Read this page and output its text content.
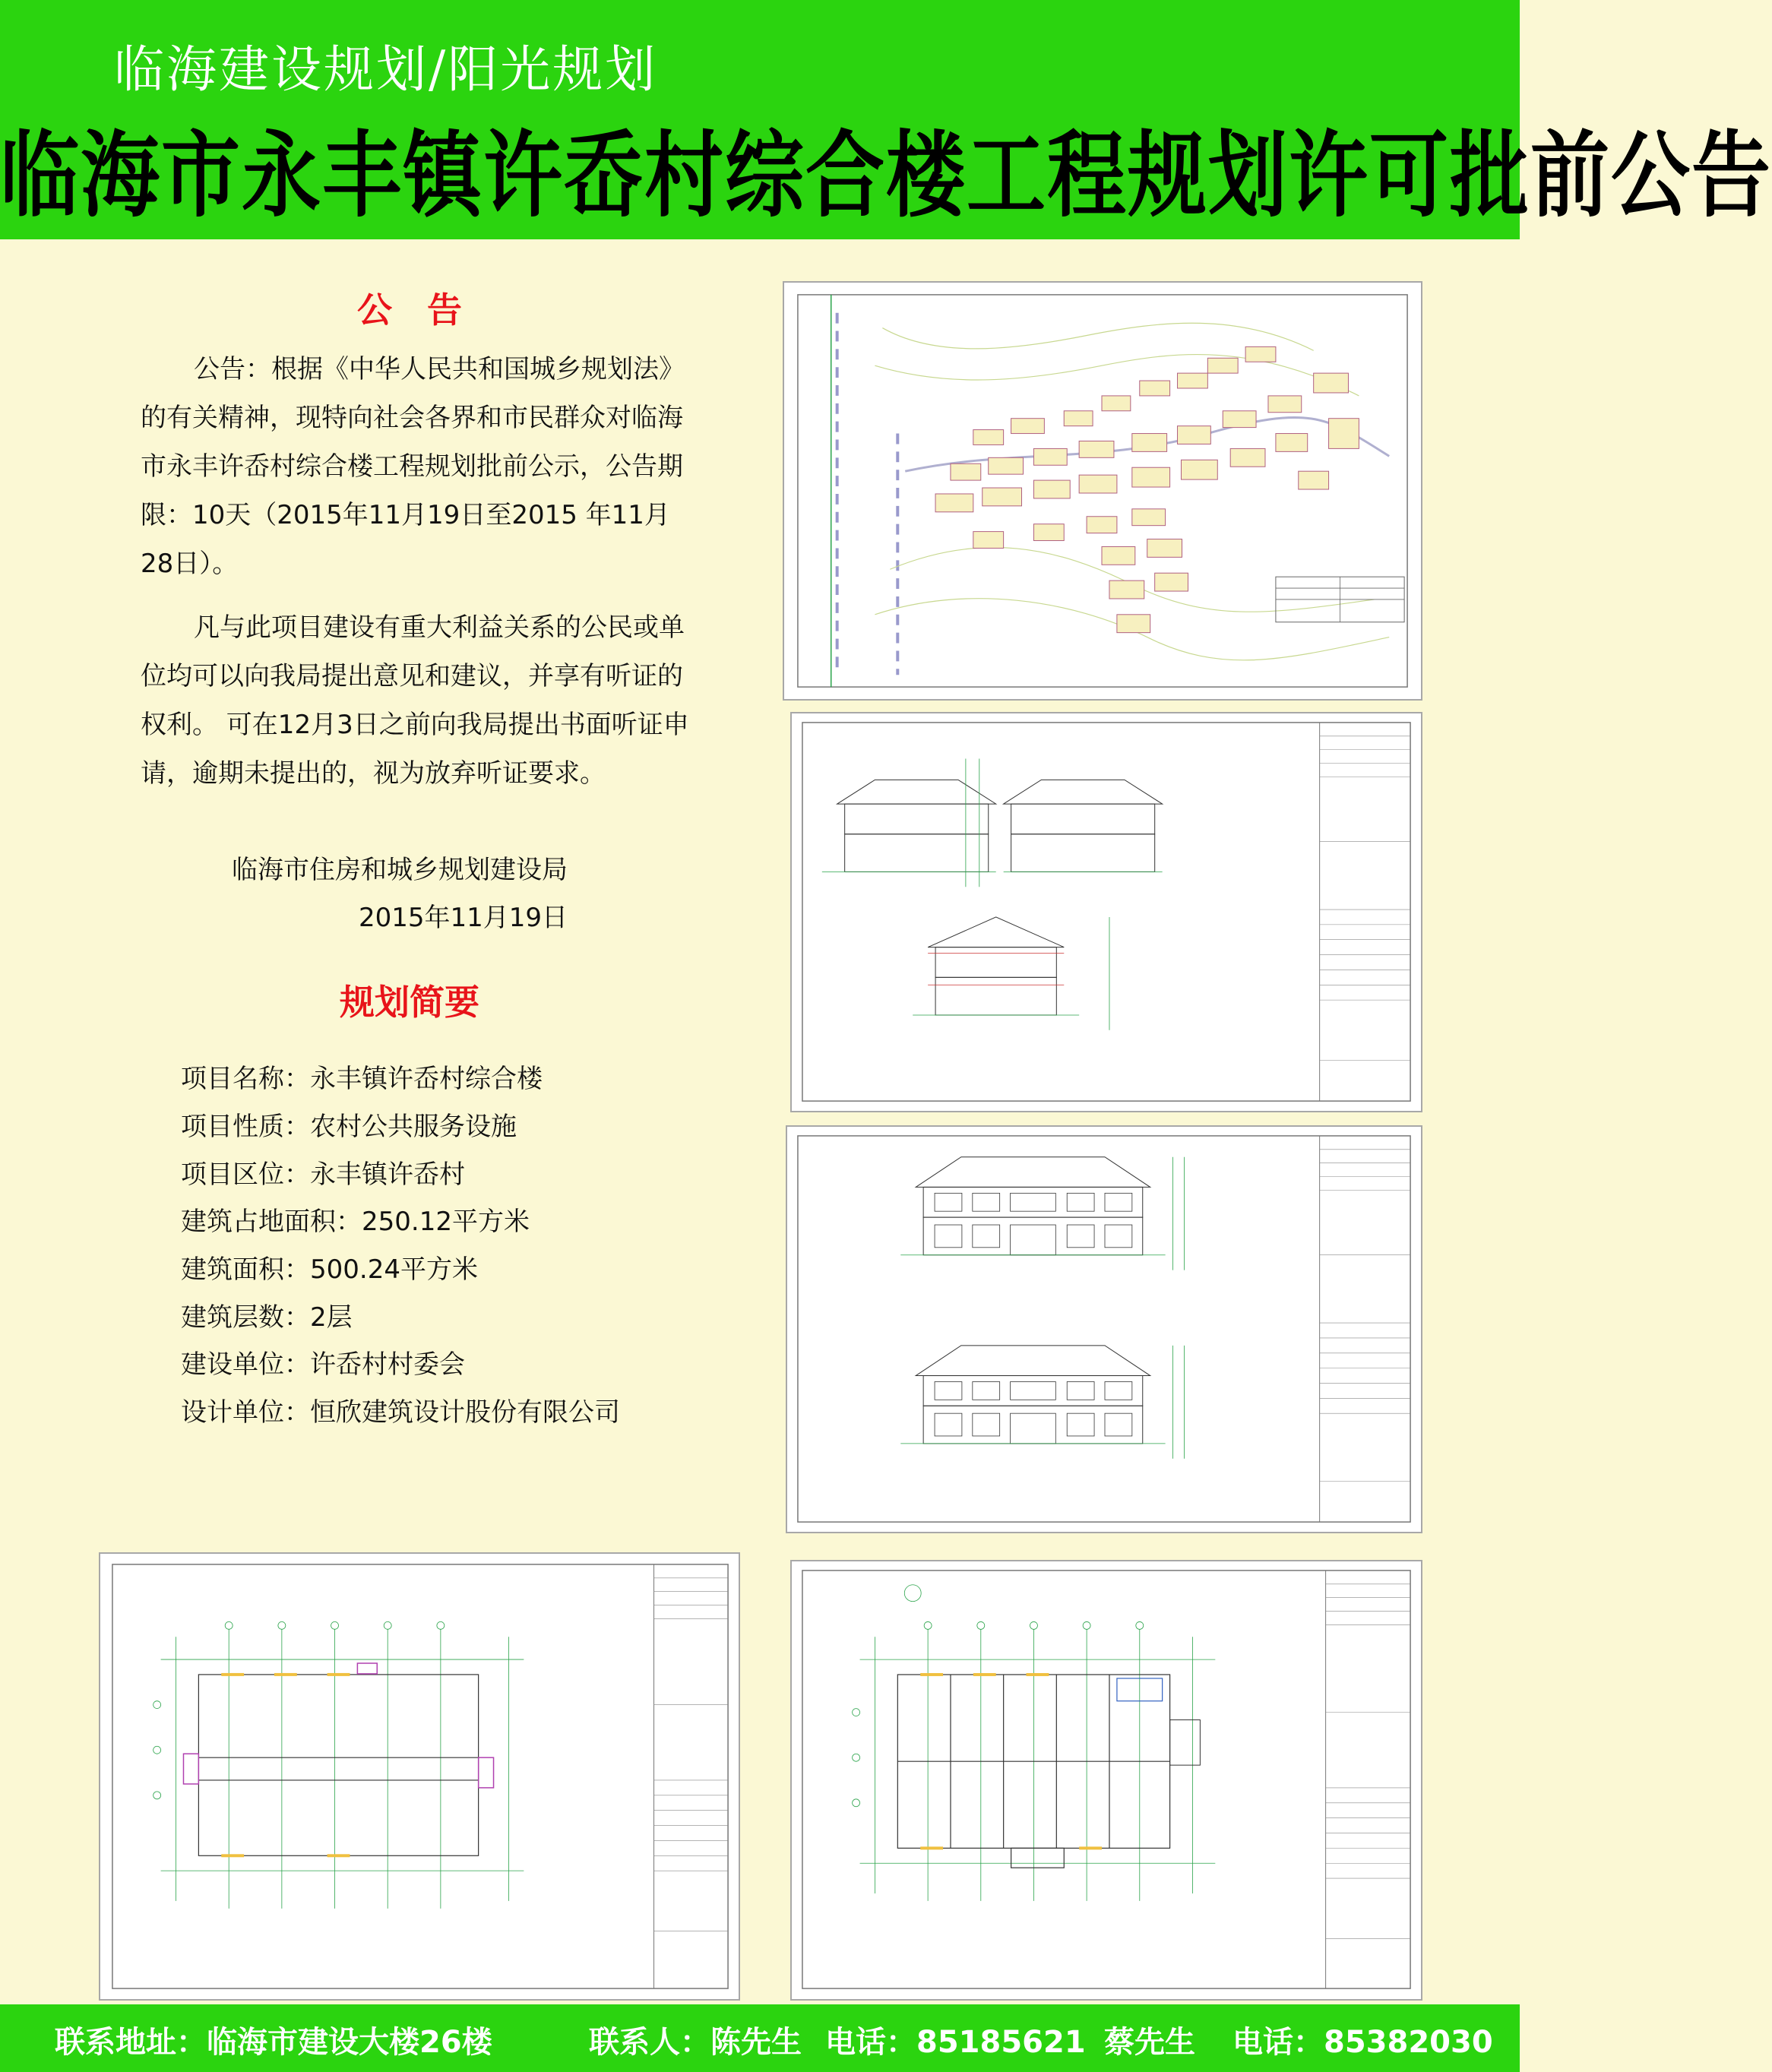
临海建设规划/阳光规划
临海市永丰镇许岙村综合楼工程规划许可批前公告
公　告

公告：根据《中华人民共和国城乡规划法》的有关精神，现特向社会各界和市民群众对临海市永丰许岙村综合楼工程规划批前公示，公告期限：10天（2015年11月19日至2015 年11月 28日）。

凡与此项目建设有重大利益关系的公民或单位均可以向我局提出意见和建议，并享有听证的权利。 可在12月3日之前向我局提出书面听证申请，逾期未提出的，视为放弃听证要求。

临海市住房和城乡规划建设局
2015年11月19日
规划简要
项目名称：永丰镇许岙村综合楼
项目性质：农村公共服务设施
项目区位：永丰镇许岙村
建筑占地面积：250.12平方米
建筑面积：500.24平方米
建筑层数：2层
建设单位：许岙村村委会
设计单位：恒欣建筑设计股份有限公司
联系地址：临海市建设大楼26楼	联系人：陈先生 电话：85185621 蔡先生 电话：85382030
